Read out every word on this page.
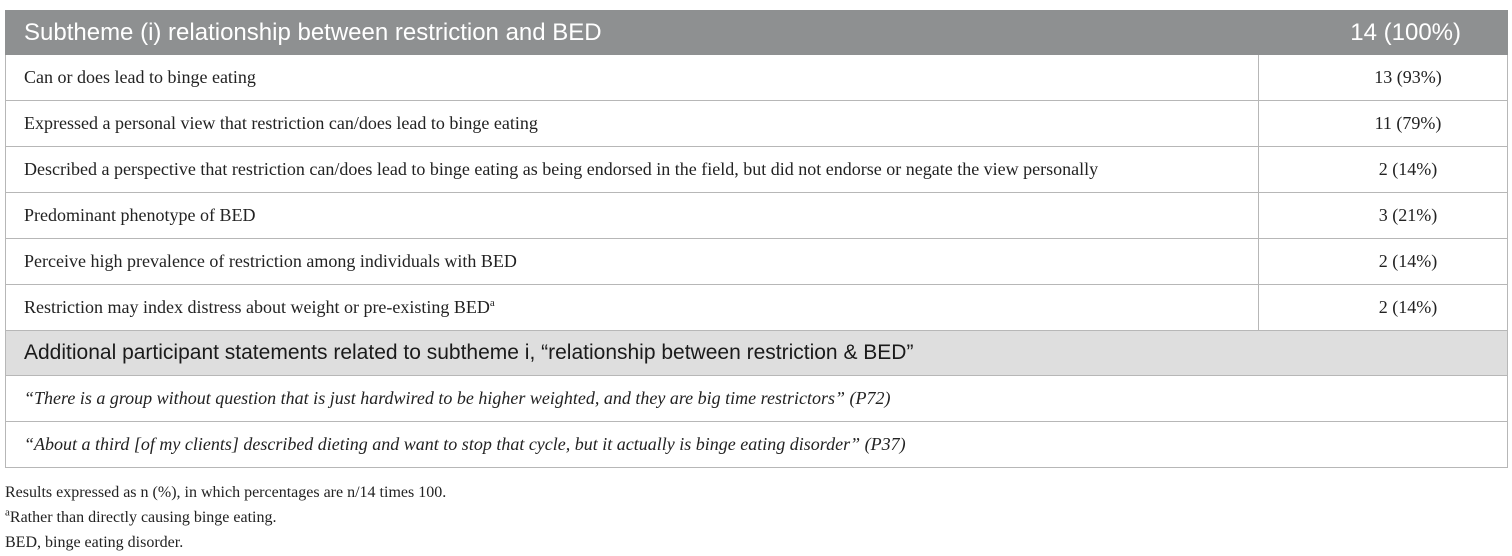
Subtheme (i) relationship between restriction and BED	14 (100%)
Can or does lead to binge eating	13 (93%)
Expressed a personal view that restriction can/does lead to binge eating	11 (79%)
Described a perspective that restriction can/does lead to binge eating as being endorsed in the field, but did not endorse or negate the view personally	2 (14%)
Predominant phenotype of BED	3 (21%)
Perceive high prevalence of restriction among individuals with BED	2 (14%)
Restriction may index distress about weight or pre-existing BED$^a$	2 (14%)
Additional participant statements related to subtheme i, “relationship between restriction & BED”	
“There is a group without question that is just hardwired to be higher weighted, and they are big time restrictors” (P72)	
“About a third [of my clients] described dieting and want to stop that cycle, but it actually is binge eating disorder” (P37)	
Results expressed as n (%), in which percentages are n/14 times 100.
$^a$Rather than directly causing binge eating.
BED, binge eating disorder.
